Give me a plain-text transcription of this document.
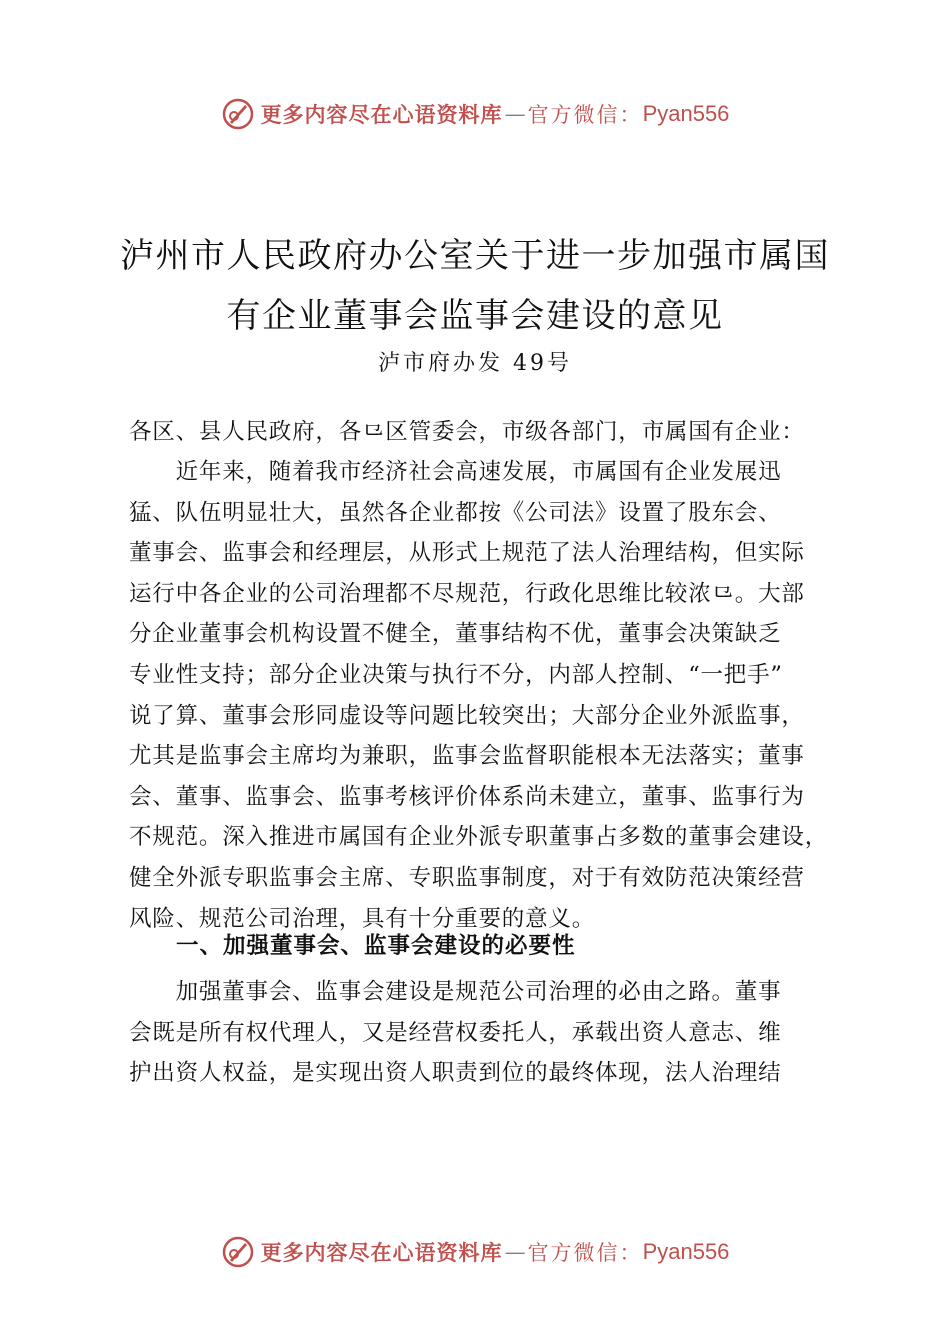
更多内容尽在心语资料库 — 官方微信： Pyan556
泸州市人民政府办公室关于进一步加强市属国
有企业董事会监事会建设的意见
泸市府办发 49号
各区、县人民政府，各⺋区管委会，市级各部门，市属国有企业：
　　近年来，随着我市经济社会高速发展，市属国有企业发展迅
猛、队伍明显壮大，虽然各企业都按《公司法》设置了股东会、
董事会、监事会和经理层，从形式上规范了法人治理结构，但实际
运行中各企业的公司治理都不尽规范，行政化思维比较浓⺋。大部
分企业董事会机构设置不健全，董事结构不优，董事会决策缺乏
专业性支持；部分企业决策与执行不分，内部人控制、“一把手”
说了算、董事会形同虚设等问题比较突出；大部分企业外派监事，
尤其是监事会主席均为兼职，监事会监督职能根本无法落实；董事
会、董事、监事会、监事考核评价体系尚未建立，董事、监事行为
不规范。深入推进市属国有企业外派专职董事占多数的董事会建设，
健全外派专职监事会主席、专职监事制度，对于有效防范决策经营
风险、规范公司治理，具有十分重要的意义。
一、加强董事会、监事会建设的必要性
　　加强董事会、监事会建设是规范公司治理的必由之路。董事
会既是所有权代理人，又是经营权委托人，承载出资人意志、维
护出资人权益，是实现出资人职责到位的最终体现，法人治理结
更多内容尽在心语资料库 — 官方微信： Pyan556
